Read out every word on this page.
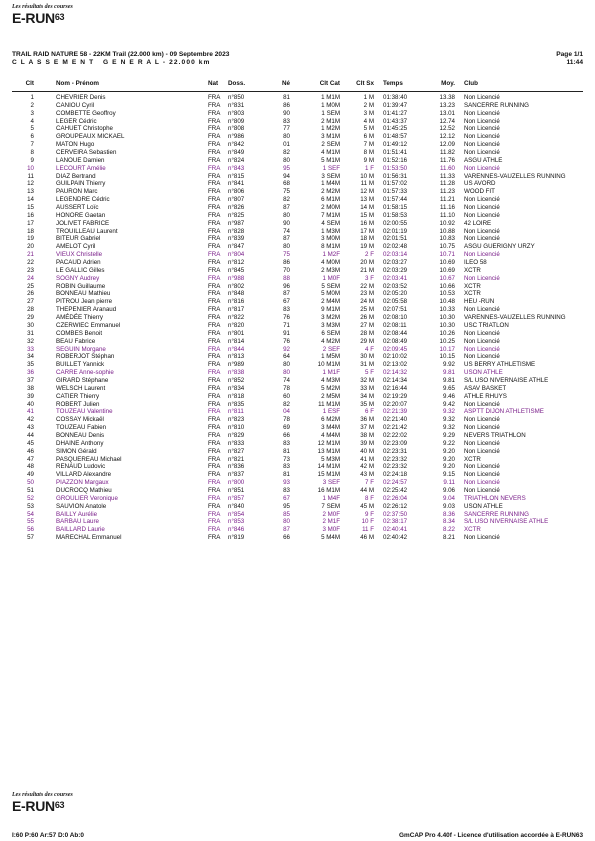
Les résultats des courses
E-RUN$^{63}$
TRAIL RAID NATURE 58 - 22KM Trail (22.000 km) - 09 Septembre 2023
C L A S S E M E N T   G E N E R A L - 22.000 km
Page 1/1
11:44
Clt	Nom - Prénom	Nat Doss.	Né	Clt Cat	Clt Sx Temps	Moy. Club
1	CHEVRIER Denis	FRA n°850	81	1 M1M	1 M 01:38:40	13.38 Non Licencié
2	CANIOU Cyril	FRA n°831	86	1 M0M	2 M 01:39:47	13.23 SANCERRE RUNNING
3	COMBETTE Geoffroy	FRA n°803	90	1 SEM	3 M 01:41:27	13.01 Non Licencié
4	LEGER Cédric	FRA n°809	83	2 M1M	4 M 01:43:37	12.74 Non Licencié
5	CAHUET Christophe	FRA n°808	77	1 M2M	5 M 01:45:25	12.52 Non Licencié
6	GROUPEAUX MICKAEL	FRA n°986	80	3 M1M	6 M 01:48:57	12.12 Non Licencié
7	MATON Hugo	FRA n°842	01	2 SEM	7 M 01:49:12	12.09 Non Licencié
8	CERVEIRA Sebastien	FRA n°849	82	4 M1M	8 M 01:51:41	11.82 Non Licencié
9	LANOUE Damien	FRA n°824	80	5 M1M	9 M 01:52:16	11.76 ASGU ATHLE
10	LECOURT Amélie	FRA n°843	95	1 SEF	1 F 01:53:50	11.60 Non Licencié
11	DIAZ Bertrand	FRA n°815	94	3 SEM	10 M 01:56:31	11.33 VARENNES-VAUZELLES RUNNING
12	GUILPAIN Thierry	FRA n°841	68	1 M4M	11 M 01:57:02	11.28 US AVORD
13	PAURON Marc	FRA n°806	75	2 M2M	12 M 01:57:33	11.23 WOOD FIT
14	LEGENDRE Cédric	FRA n°807	82	6 M1M	13 M 01:57:44	11.21 Non Licencié
15	AUSSERT Loïc	FRA n°826	87	2 M0M	14 M 01:58:15	11.16 Non Licencié
16	HONORE Gaetan	FRA n°825	80	7 M1M	15 M 01:58:53	11.10 Non Licencié
17	JOLIVET FABRICE	FRA n°987	90	4 SEM	16 M 02:00:55	10.92 42 LOIRE
18	TROUILLEAU Laurent	FRA n°828	74	1 M3M	17 M 02:01:19	10.88 Non Licencié
19	BITEUR Gabriel	FRA n°839	87	3 M0M	18 M 02:01:51	10.83 Non Licencié
20	AMELOT Cyril	FRA n°847	80	8 M1M	19 M 02:02:48	10.75 ASGU GUERIGNY URZY
21	VIEUX Christelle	FRA n°804	75	1 M2F	2 F 02:03:14	10.71 Non Licencié
22	PACAUD Adrien	FRA n°812	86	4 M0M	20 M 02:03:27	10.69 ILEO 58
23	LE GALLIC Gilles	FRA n°845	70	2 M3M	21 M 02:03:29	10.69 XCTR
24	SOGNY Audrey	FRA n°988	88	1 M0F	3 F 02:03:41	10.67 Non Licencié
25	ROBIN Guillaume	FRA n°802	96	5 SEM	22 M 02:03:52	10.66 XCTR
26	BONNEAU Mathieu	FRA n°848	87	5 M0M	23 M 02:05:20	10.53 XCTR
27	PITROU Jean pierre	FRA n°816	67	2 M4M	24 M 02:05:58	10.48 HEU -RUN
28	THEPENIER Aranaud	FRA n°817	83	9 M1M	25 M 02:07:51	10.33 Non Licencié
29	AMÉDÉE Thierry	FRA n°822	76	3 M2M	26 M 02:08:10	10.30 VARENNES-VAUZELLES RUNNING
30	CZERWIEC Emmanuel	FRA n°820	71	3 M3M	27 M 02:08:11	10.30 USC TRIATLON
31	COMBES Benoit	FRA n°801	91	6 SEM	28 M 02:08:44	10.26 Non Licencié
32	BEAU Fabrice	FRA n°814	76	4 M2M	29 M 02:08:49	10.25 Non Licencié
33	SEGUIN Morgane	FRA n°844	92	2 SEF	4 F 02:09:45	10.17 Non Licencié
34	ROBERJOT Stéphan	FRA n°813	64	1 M5M	30 M 02:10:02	10.15 Non Licencié
35	BUILLET Yannick	FRA n°989	80	10 M1M	31 M 02:13:02	9.92 US BERRY ATHLETISME
36	CARRE Anne-sophie	FRA n°838	80	1 M1F	5 F 02:14:32	9.81 USON ATHLE
37	GIRARD Stéphane	FRA n°852	74	4 M3M	32 M 02:14:34	9.81 S/L USO NIVERNAISE ATHLE
38	WELSCH Laurent	FRA n°834	78	5 M2M	33 M 02:16:44	9.65 ASAV BASKET
39	CATIER Thierry	FRA n°818	60	2 M5M	34 M 02:19:29	9.46 ATHLE RHUYS
40	ROBERT Julien	FRA n°835	82	11 M1M	35 M 02:20:07	9.42 Non Licencié
41	TOUZEAU Valentine	FRA n°811	04	1 ESF	6 F 02:21:39	9.32 ASPTT DIJON ATHLETISME
42	COSSAY Mickaël	FRA n°823	78	6 M2M	36 M 02:21:40	9.32 Non Licencié
43	TOUZEAU Fabien	FRA n°810	69	3 M4M	37 M 02:21:42	9.32 Non Licencié
44	BONNEAU Denis	FRA n°829	66	4 M4M	38 M 02:22:02	9.29 NEVERS TRIATHLON
45	DHAINE Anthony	FRA n°833	83	12 M1M	39 M 02:23:09	9.22 Non Licencié
46	SIMON Gérald	FRA n°827	81	13 M1M	40 M 02:23:31	9.20 Non Licencié
47	PASQUEREAU Michael	FRA n°821	73	5 M3M	41 M 02:23:32	9.20 XCTR
48	RENAUD Ludovic	FRA n°836	83	14 M1M	42 M 02:23:32	9.20 Non Licencié
49	VILLARD Alexandre	FRA n°837	81	15 M1M	43 M 02:24:18	9.15 Non Licencié
50	PIAZZON Margaux	FRA n°800	93	3 SEF	7 F 02:24:57	9.11 Non Licencié
51	DUCROCQ Mathieu	FRA n°851	83	16 M1M	44 M 02:25:42	9.06 Non Licencié
52	GROULIER Veronique	FRA n°857	67	1 M4F	8 F 02:26:04	9.04 TRIATHLON NEVERS
53	SAUVION Anatole	FRA n°840	95	7 SEM	45 M 02:26:12	9.03 USON ATHLE
54	BAILLY Aurélie	FRA n°854	85	2 M0F	9 F 02:37:50	8.36 SANCERRE RUNNING
55	BARBAU Laure	FRA n°853	80	2 M1F	10 F 02:38:17	8.34 S/L USO NIVERNAISE ATHLE
56	BAILLARD Laurie	FRA n°846	87	3 M0F	11 F 02:40:41	8.22 XCTR
57	MARECHAL Emmanuel	FRA n°819	66	5 M4M	46 M 02:40:42	8.21 Non Licencié
Les résultats des courses
E-RUN$^{63}$
I:60 P:60 Ar:57 D:0 Ab:0	GmCAP Pro 4.40f - Licence d'utilisation accordée à E-RUN63
